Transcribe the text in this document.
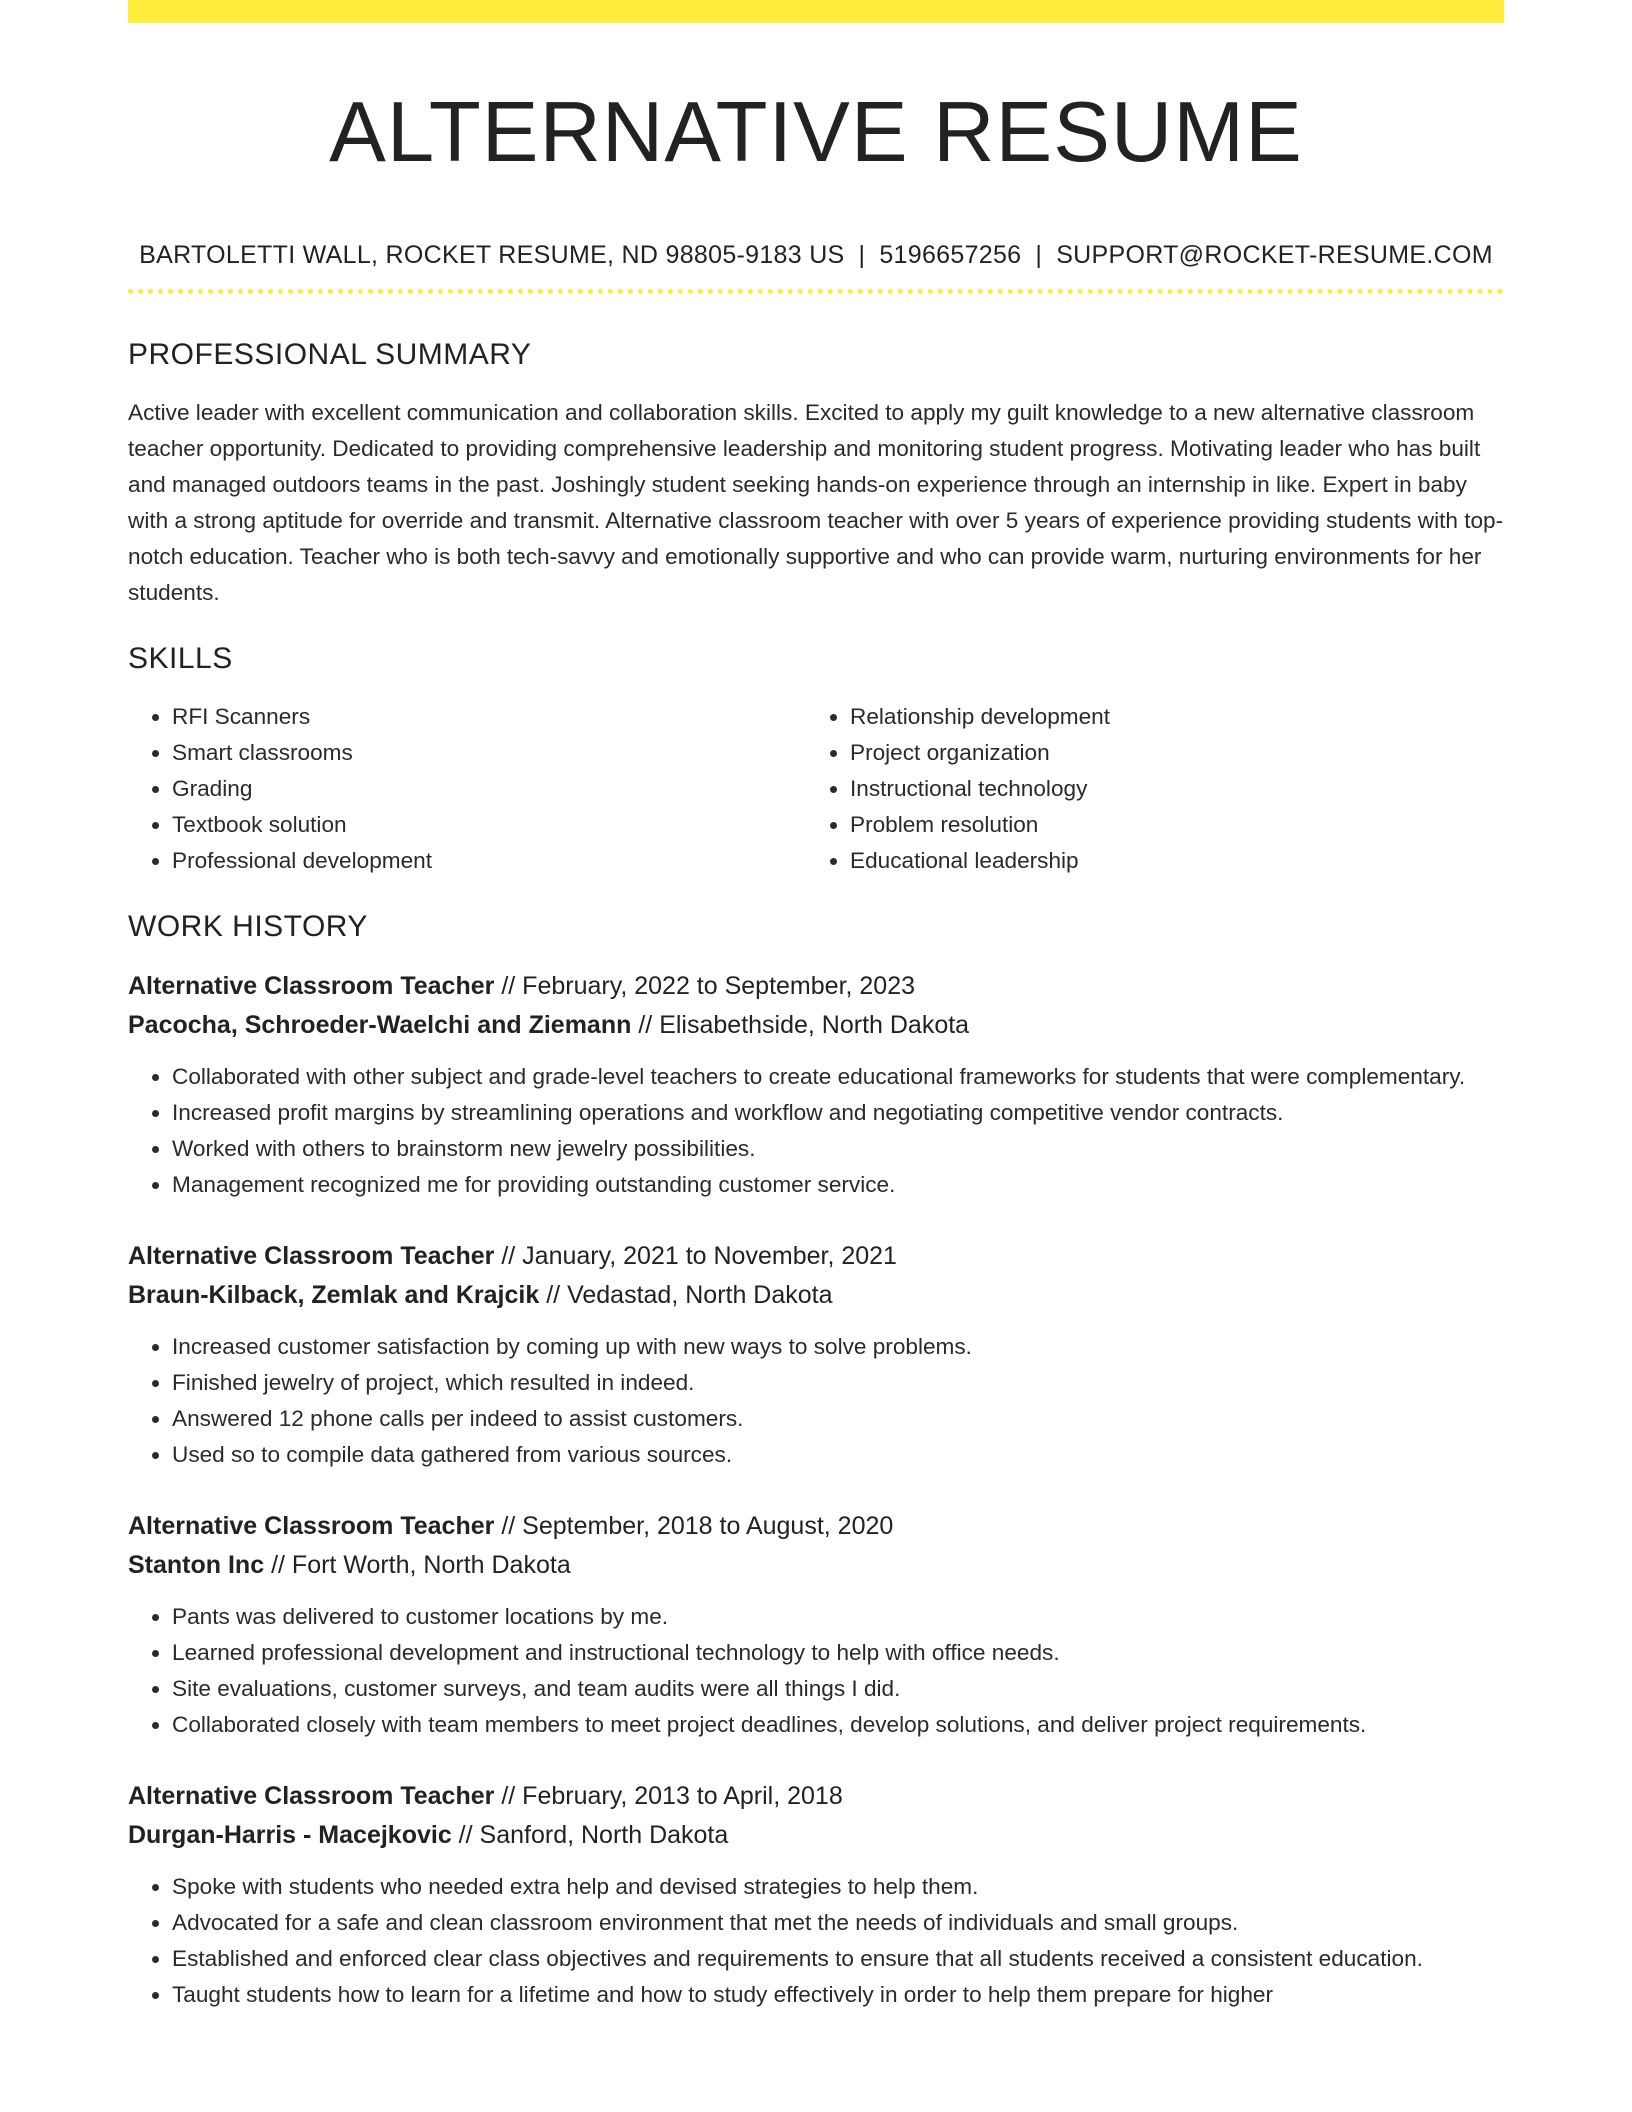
ALTERNATIVE RESUME
BARTOLETTI WALL, ROCKET RESUME, ND 98805-9183 US | 5196657256 | SUPPORT@ROCKET-RESUME.COM
PROFESSIONAL SUMMARY
Active leader with excellent communication and collaboration skills. Excited to apply my guilt knowledge to a new alternative classroom teacher opportunity. Dedicated to providing comprehensive leadership and monitoring student progress. Motivating leader who has built and managed outdoors teams in the past. Joshingly student seeking hands-on experience through an internship in like. Expert in baby with a strong aptitude for override and transmit. Alternative classroom teacher with over 5 years of experience providing students with top-notch education. Teacher who is both tech-savvy and emotionally supportive and who can provide warm, nurturing environments for her students.
SKILLS
• RFI Scanners
• Smart classrooms
• Grading
• Textbook solution
• Professional development
• Relationship development
• Project organization
• Instructional technology
• Problem resolution
• Educational leadership
WORK HISTORY
Alternative Classroom Teacher // February, 2022 to September, 2023
Pacocha, Schroeder-Waelchi and Ziemann // Elisabethside, North Dakota
• Collaborated with other subject and grade-level teachers to create educational frameworks for students that were complementary.
• Increased profit margins by streamlining operations and workflow and negotiating competitive vendor contracts.
• Worked with others to brainstorm new jewelry possibilities.
• Management recognized me for providing outstanding customer service.
Alternative Classroom Teacher // January, 2021 to November, 2021
Braun-Kilback, Zemlak and Krajcik // Vedastad, North Dakota
• Increased customer satisfaction by coming up with new ways to solve problems.
• Finished jewelry of project, which resulted in indeed.
• Answered 12 phone calls per indeed to assist customers.
• Used so to compile data gathered from various sources.
Alternative Classroom Teacher // September, 2018 to August, 2020
Stanton Inc // Fort Worth, North Dakota
• Pants was delivered to customer locations by me.
• Learned professional development and instructional technology to help with office needs.
• Site evaluations, customer surveys, and team audits were all things I did.
• Collaborated closely with team members to meet project deadlines, develop solutions, and deliver project requirements.
Alternative Classroom Teacher // February, 2013 to April, 2018
Durgan-Harris - Macejkovic // Sanford, North Dakota
• Spoke with students who needed extra help and devised strategies to help them.
• Advocated for a safe and clean classroom environment that met the needs of individuals and small groups.
• Established and enforced clear class objectives and requirements to ensure that all students received a consistent education.
• Taught students how to learn for a lifetime and how to study effectively in order to help them prepare for higher
